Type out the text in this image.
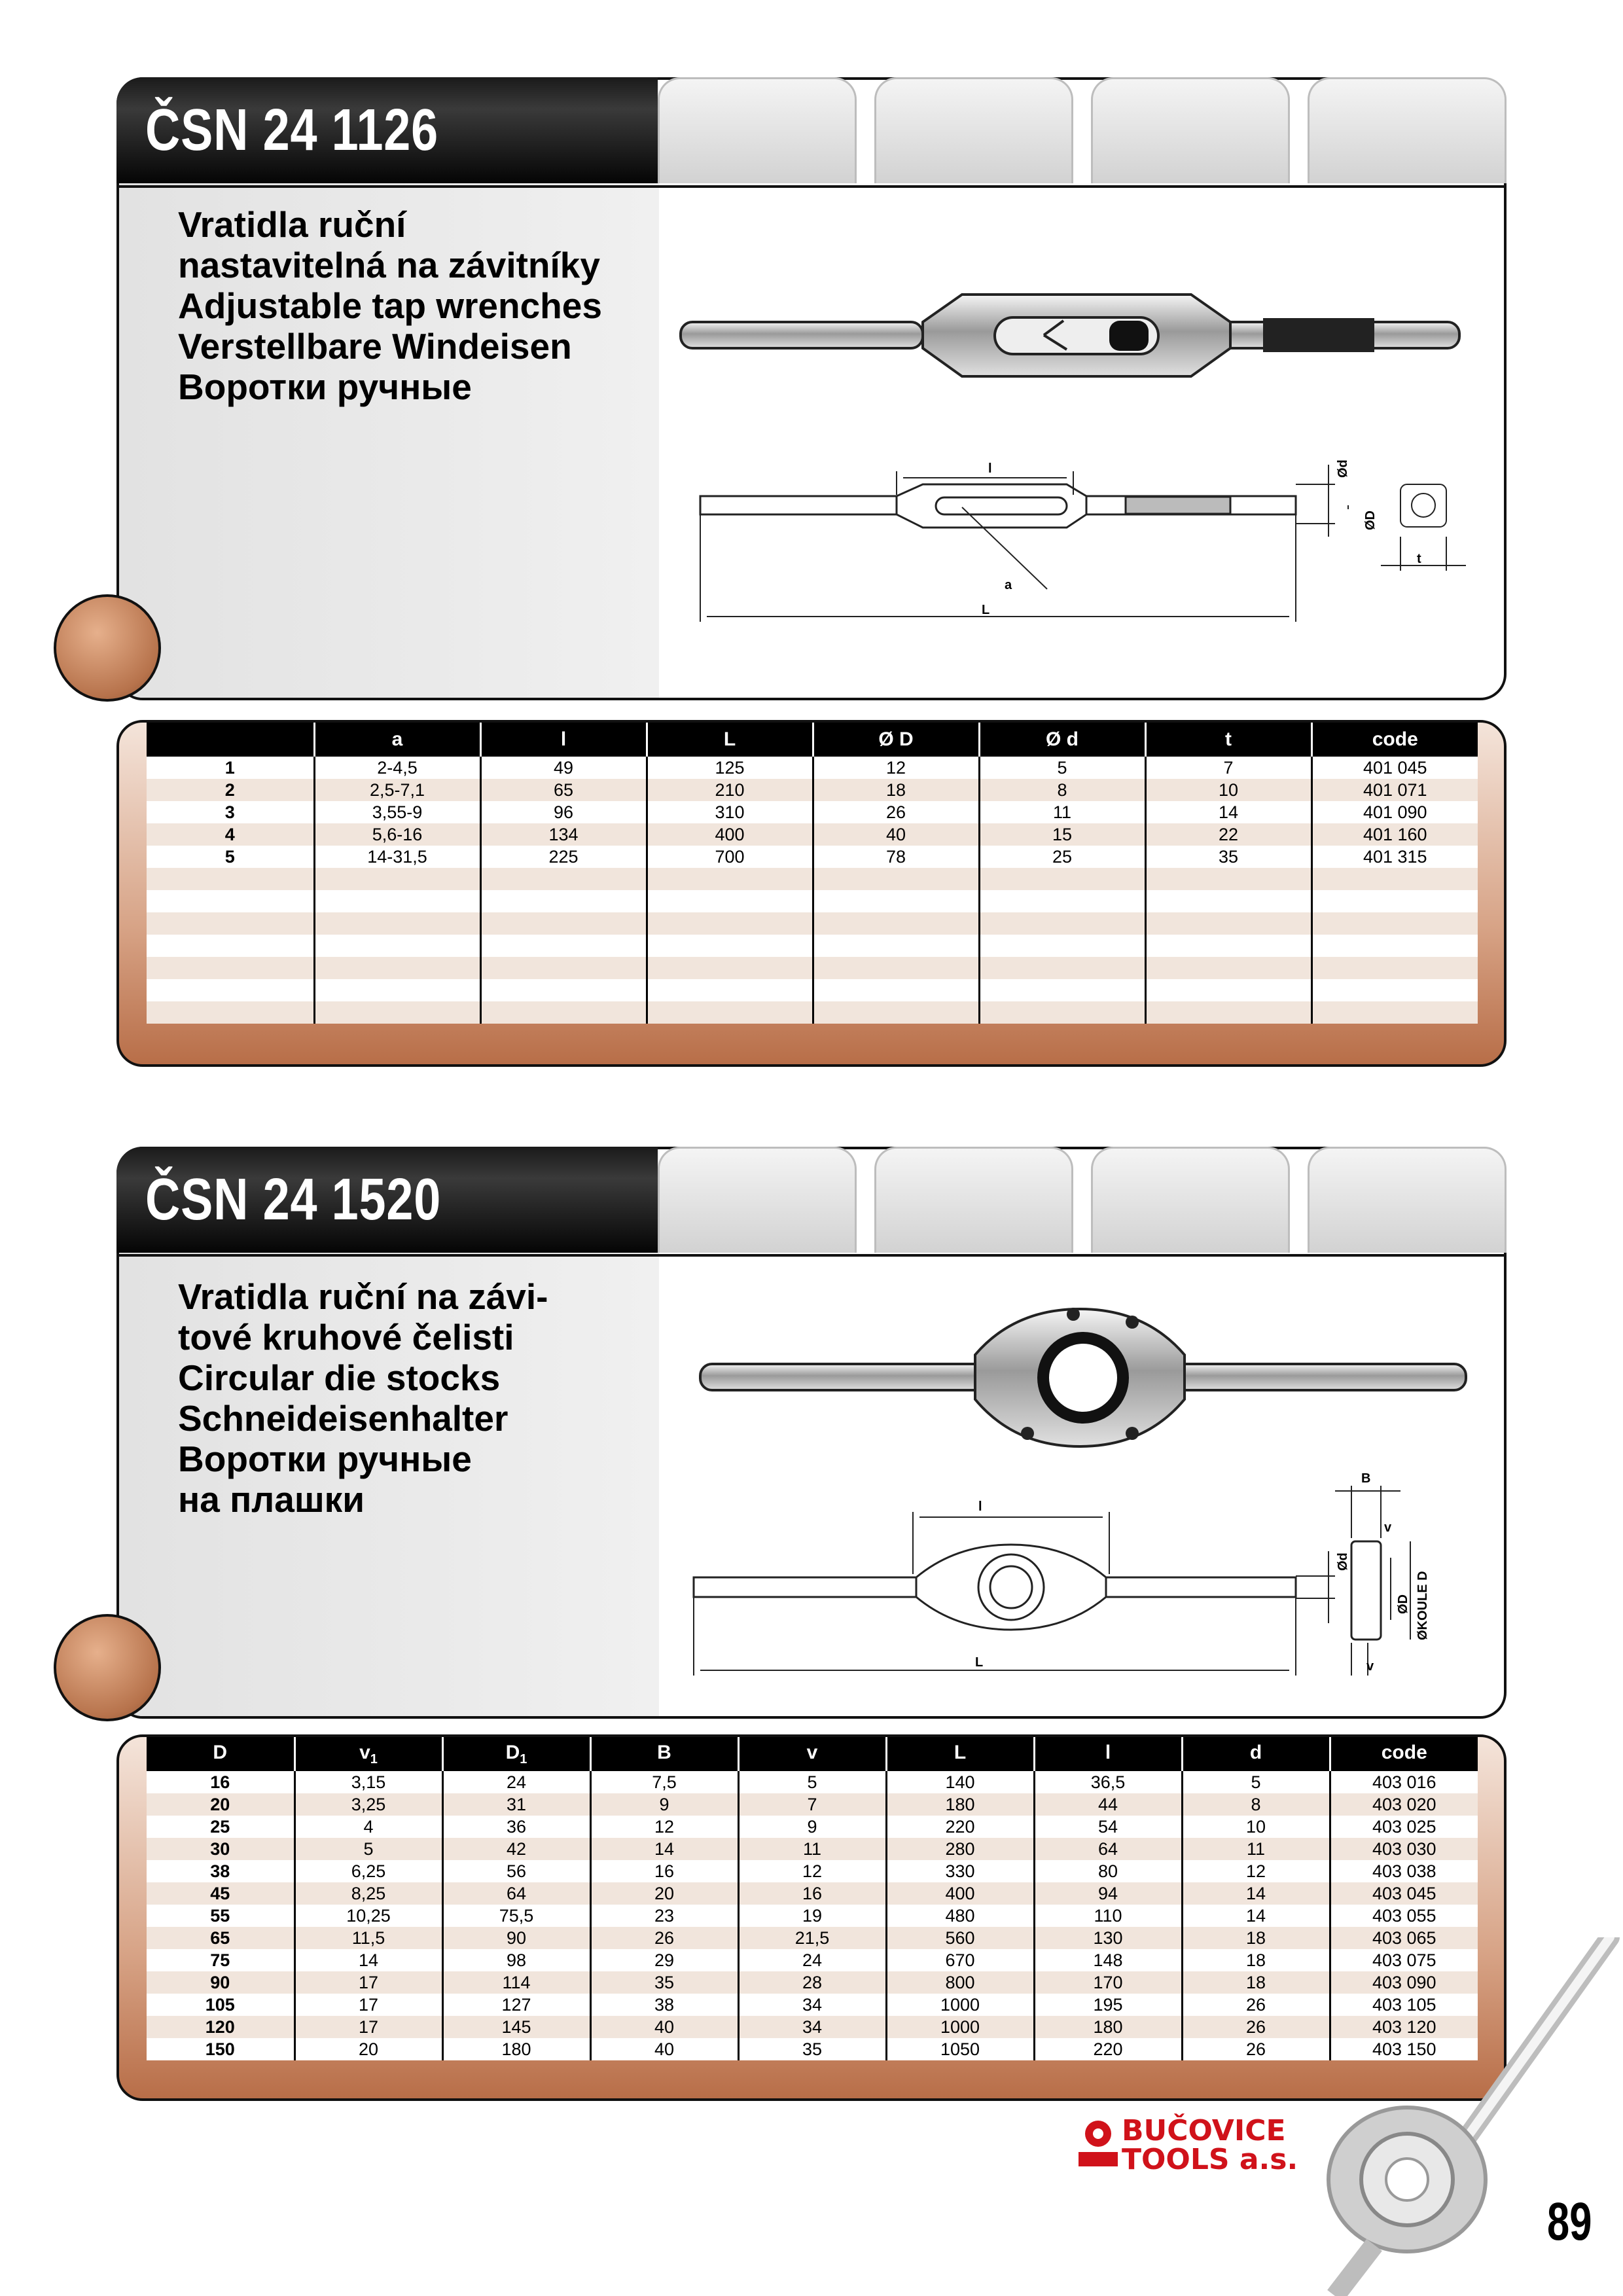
ČSN 24 1126
Vratidla ruční
nastavitelná na závitníky
Adjustable tap wrenches
Verstellbare Windeisen
Воротки ручные
l
L
a
Ød
ØD
t
	a	l	L	Ø D	Ø d	t	code
1	2-4,5	49	125	12	5	7	401 045
2	2,5-7,1	65	210	18	8	10	401 071
3	3,55-9	96	310	26	11	14	401 090
4	5,6-16	134	400	40	15	22	401 160
5	14-31,5	225	700	78	25	35	401 315

ČSN 24 1520
Vratidla ruční na závi-
tové kruhové čelisti
Circular die stocks
Schneideisenhalter
Воротки ручные
на плашки	l
L
B
v
v
Ød
ØD ØKOULE D
D	$v_1$	$D_1$	B	v	L	l	d	code
16	3,15	24	7,5	5	140	36,5	5	403 016
20	3,25	31	9	7	180	44	8	403 020
25	4	36	12	9	220	54	10	403 025
30	5	42	14	11	280	64	11	403 030
38	6,25	56	16	12	330	80	12	403 038
45	8,25	64	20	16	400	94	14	403 045
55	10,25	75,5	23	19	480	110	14	403 055
65	11,5	90	26	21,5	560	130	18	403 065
75	14	98	29	24	670	148	18	403 075
90	17	114	35	28	800	170	18	403 090
105	17	127	38	34	1000	195	26	403 105
120	17	145	40	34	1000	180	26	403 120
150	20	180	40	35	1050	220	26	403 150
BUČOVICE
TOOLS a.s.
89
